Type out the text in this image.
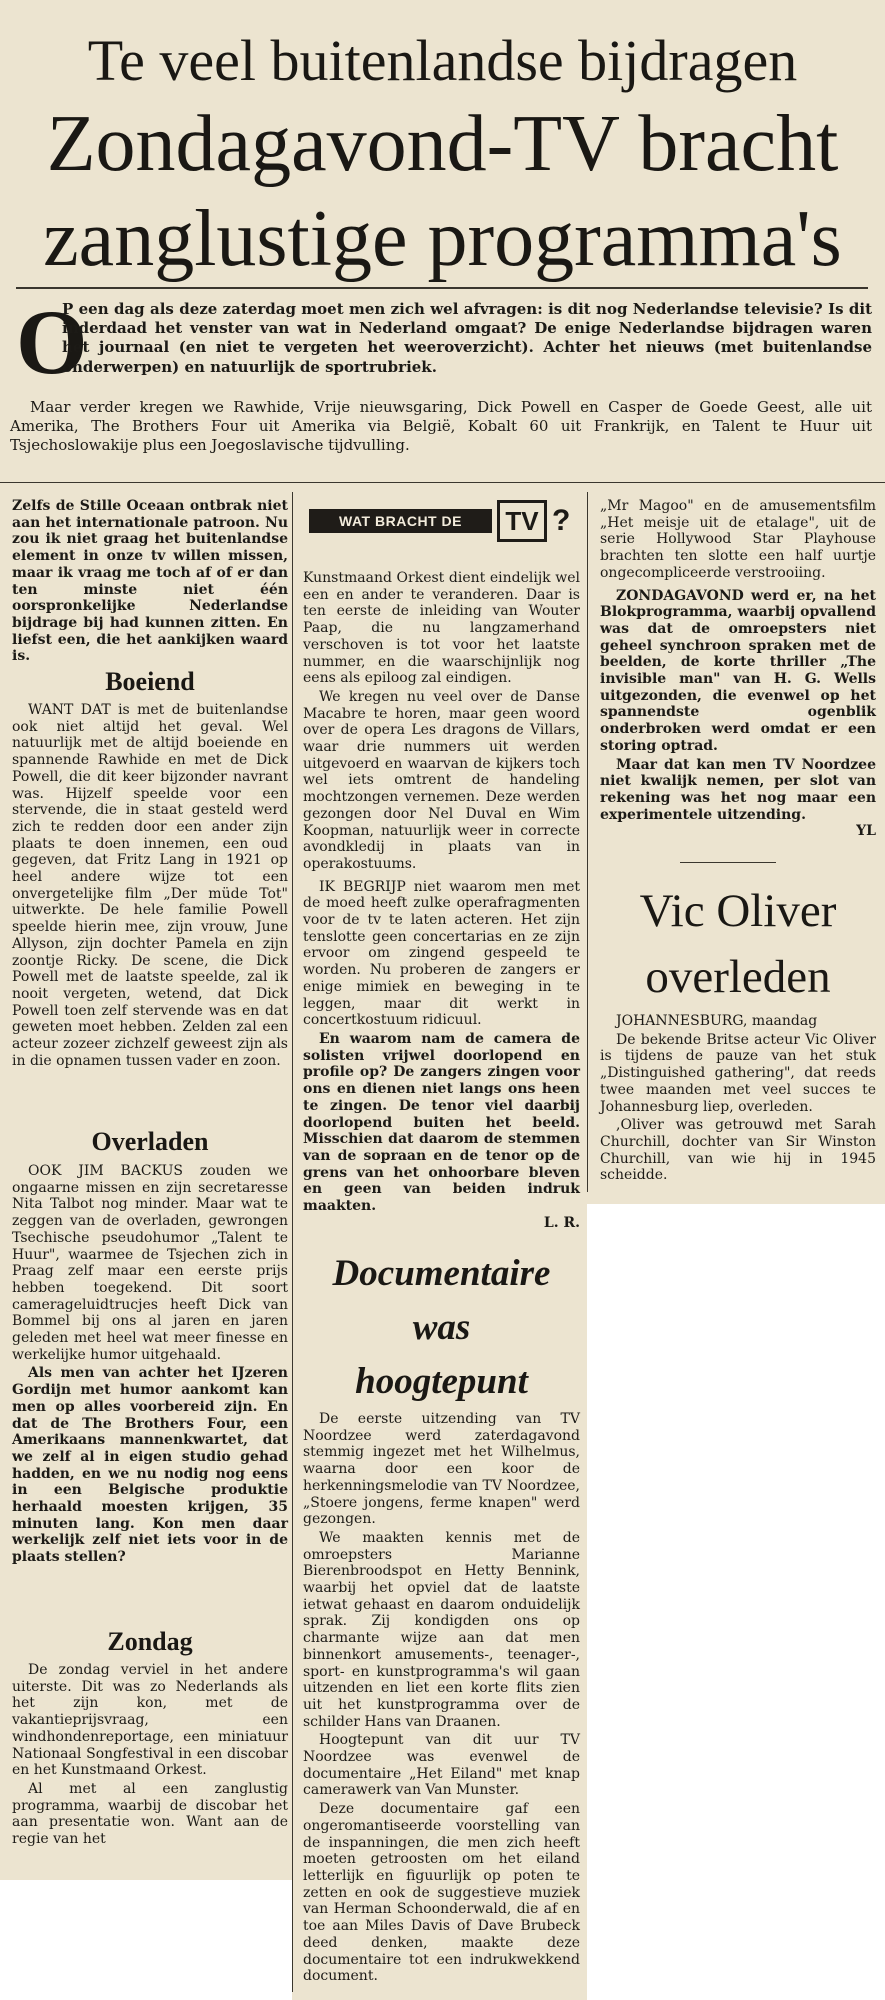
Te veel buitenlandse bijdragen
Zondagavond-TV bracht
zanglustige programma's
O

P een dag als deze zaterdag moet men zich wel afvragen: is dit nog Nederlandse televisie? Is dit inderdaad het venster van wat in Nederland omgaat? De enige Nederlandse bijdragen waren het journaal (en niet te vergeten het weeroverzicht). Achter het nieuws (met buitenlandse onderwerpen) en natuurlijk de sportrubriek.

Maar verder kregen we Rawhide, Vrije nieuwsgaring, Dick Powell en Casper de Goede Geest, alle uit Amerika, The Brothers Four uit Amerika via België, Kobalt 60 uit Frankrijk, en Talent te Huur uit Tsjechoslowakije plus een Joegoslavische tijdvulling.

Zelfs de Stille Oceaan ontbrak niet aan het internationale patroon. Nu zou ik niet graag het buitenlandse element in onze tv willen missen, maar ik vraag me toch af of er dan ten minste niet één oorspronkelijke Nederlandse bijdrage bij had kunnen zitten. En liefst een, die het aankijken waard is.

Boeiend

WANT DAT is met de buitenlandse ook niet altijd het geval. Wel natuurlijk met de altijd boeiende en spannende Rawhide en met de Dick Powell, die dit keer bijzonder navrant was. Hijzelf speelde voor een stervende, die in staat gesteld werd zich te redden door een ander zijn plaats te doen innemen, een oud gegeven, dat Fritz Lang in 1921 op heel andere wijze tot een onvergetelijke film „Der müde Tot" uitwerkte. De hele familie Powell speelde hierin mee, zijn vrouw, June Allyson, zijn dochter Pamela en zijn zoontje Ricky. De scene, die Dick Powell met de laatste speelde, zal ik nooit vergeten, wetend, dat Dick Powell toen zelf stervende was en dat geweten moet hebben. Zelden zal een acteur zozeer zichzelf geweest zijn als in die opnamen tussen vader en zoon.

Overladen

OOK JIM BACKUS zouden we ongaarne missen en zijn secretaresse Nita Talbot nog minder. Maar wat te zeggen van de overladen, gewrongen Tsechische pseudohumor „Talent te Huur", waarmee de Tsjechen zich in Praag zelf maar een eerste prijs hebben toegekend. Dit soort camerageluidtrucjes heeft Dick van Bommel bij ons al jaren en jaren geleden met heel wat meer finesse en werkelijke humor uitgehaald.

Als men van achter het IJzeren Gordijn met humor aankomt kan men op alles voorbereid zijn. En dat de The Brothers Four, een Amerikaans mannenkwartet, dat we zelf al in eigen studio gehad hadden, en we nu nodig nog eens in een Belgische produktie herhaald moesten krijgen, 35 minuten lang. Kon men daar werkelijk zelf niet iets voor in de plaats stellen?

Zondag

De zondag verviel in het andere uiterste. Dit was zo Nederlands als het zijn kon, met de vakantieprijsvraag, een windhondenreportage, een miniatuur Nationaal Songfestival in een discobar en het Kunstmaand Orkest.

Al met al een zanglustig programma, waarbij de discobar het aan presentatie won. Want aan de regie van het

WAT BRACHT DE	TV ?

Kunstmaand Orkest dient eindelijk wel een en ander te veranderen. Daar is ten eerste de inleiding van Wouter Paap, die nu langzamerhand verschoven is tot voor het laatste nummer, en die waarschijnlijk nog eens als epiloog zal eindigen.

We kregen nu veel over de Danse Macabre te horen, maar geen woord over de opera Les dragons de Villars, waar drie nummers uit werden uitgevoerd en waarvan de kijkers toch wel iets omtrent de handeling mochtzongen vernemen. Deze werden gezongen door Nel Duval en Wim Koopman, natuurlijk weer in correcte avondkledij in plaats van in operakostuums.

IK BEGRIJP niet waarom men met de moed heeft zulke operafragmenten voor de tv te laten acteren. Het zijn tenslotte geen concertarias en ze zijn ervoor om zingend gespeeld te worden. Nu proberen de zangers er enige mimiek en beweging in te leggen, maar dit werkt in concertkostuum ridicuul.

En waarom nam de camera de solisten vrijwel doorlopend en profile op? De zangers zingen voor ons en dienen niet langs ons heen te zingen. De tenor viel daarbij doorlopend buiten het beeld. Misschien dat daarom de stemmen van de sopraan en de tenor op de grens van het onhoorbare bleven en geen van beiden indruk maakten.

L. R.

Documentaire
was
hoogtepunt

De eerste uitzending van TV Noordzee werd zaterdagavond stemmig ingezet met het Wilhelmus, waarna door een koor de herkenningsmelodie van TV Noordzee, „Stoere jongens, ferme knapen" werd gezongen.

We maakten kennis met de omroepsters Marianne Bierenbroodspot en Hetty Bennink, waarbij het opviel dat de laatste ietwat gehaast en daarom onduidelijk sprak. Zij kondigden ons op charmante wijze aan dat men binnenkort amusements-, teenager-, sport- en kunstprogramma's wil gaan uitzenden en liet een korte flits zien uit het kunstprogramma over de schilder Hans van Draanen.

Hoogtepunt van dit uur TV Noordzee was evenwel de documentaire „Het Eiland" met knap camerawerk van Van Munster.

Deze documentaire gaf een ongeromantiseerde voorstelling van de inspanningen, die men zich heeft moeten getroosten om het eiland letterlijk en figuurlijk op poten te zetten en ook de suggestieve muziek van Herman Schoonderwald, die af en toe aan Miles Davis of Dave Brubeck deed denken, maakte deze documentaire tot een indrukwekkend document.

„Mr Magoo" en de amusementsfilm „Het meisje uit de etalage", uit de serie Hollywood Star Playhouse brachten ten slotte een half uurtje ongecompliceerde verstrooiing.

ZONDAGAVOND werd er, na het Blokprogramma, waarbij opvallend was dat de omroepsters niet geheel synchroon spraken met de beelden, de korte thriller „The invisible man" van H. G. Wells uitgezonden, die evenwel op het spannendste ogenblik onderbroken werd omdat er een storing optrad.

Maar dat kan men TV Noordzee niet kwalijk nemen, per slot van rekening was het nog maar een experimentele uitzending.

YL

Vic Oliver
overleden

JOHANNESBURG, maandag

De bekende Britse acteur Vic Oliver is tijdens de pauze van het stuk „Distinguished gathering", dat reeds twee maanden met veel succes te Johannesburg liep, overleden.

,Oliver was getrouwd met Sarah Churchill, dochter van Sir Winston Churchill, van wie hij in 1945 scheidde.
